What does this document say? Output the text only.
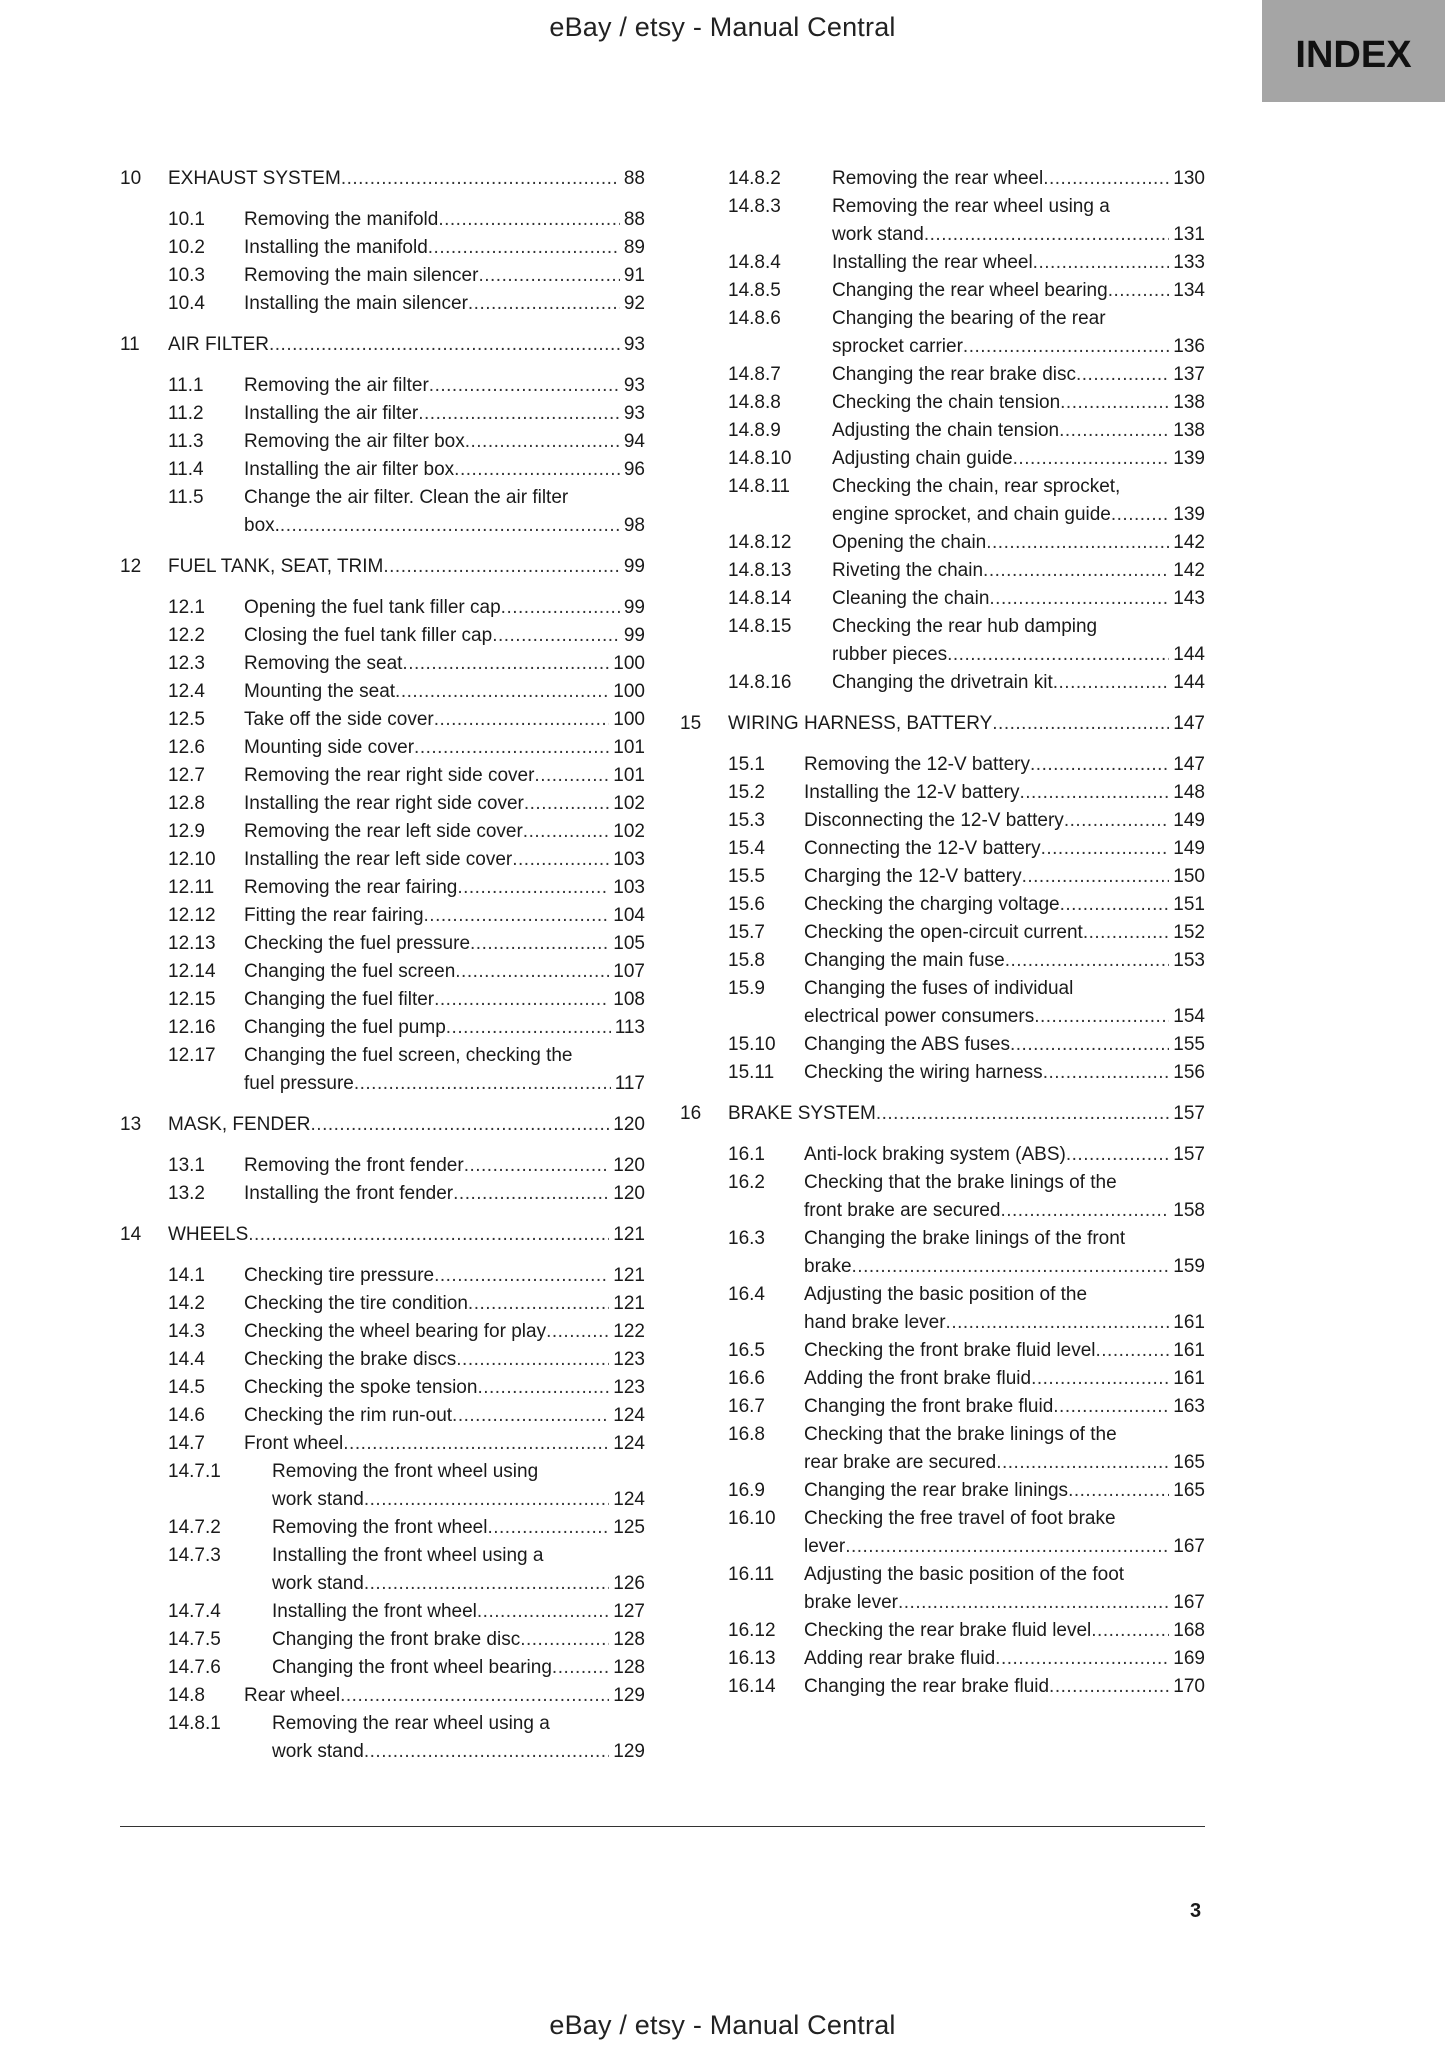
eBay / etsy - Manual Central
INDEX
10 EXHAUST SYSTEM .....	88
10.1 Removing the manifold .....	88
10.2 Installing the manifold .....	89
10.3 Removing the main silencer .....	91
10.4 Installing the main silencer .....	92
11 AIR FILTER .....	93
11.1 Removing the air filter .....	93
11.2 Installing the air filter .....	93
11.3 Removing the air filter box .....	94
11.4 Installing the air filter box .....	96
11.5 Change the air filter. Clean the air filter
box. .....	98
12 FUEL TANK, SEAT, TRIM .....	99
12.1 Opening the fuel tank filler cap .....	99
12.2 Closing the fuel tank filler cap .....	99
12.3 Removing the seat .....	100
12.4 Mounting the seat .....	100
12.5 Take off the side cover .....	100
12.6 Mounting side cover .....	101
12.7 Removing the rear right side cover .....	101
12.8 Installing the rear right side cover .....	102
12.9 Removing the rear left side cover .....	102
12.10 Installing the rear left side cover .....	103
12.11 Removing the rear fairing .....	103
12.12 Fitting the rear fairing .....	104
12.13 Checking the fuel pressure .....	105
12.14 Changing the fuel screen .....	107
12.15 Changing the fuel filter .....	108
12.16 Changing the fuel pump .....	113
12.17 Changing the fuel screen, checking the
fuel pressure .....	117
13 MASK, FENDER .....	120
13.1 Removing the front fender .....	120
13.2 Installing the front fender .....	120
14 WHEELS .....	121
14.1 Checking tire pressure .....	121
14.2 Checking the tire condition .....	121
14.3 Checking the wheel bearing for play .....	122
14.4 Checking the brake discs .....	123
14.5 Checking the spoke tension .....	123
14.6 Checking the rim run-out .....	124
14.7 Front wheel .....	124
14.7.1	Removing the front wheel using
work stand .....	124
14.7.2	Removing the front wheel .....	125
14.7.3	Installing the front wheel using a
work stand .....	126
14.7.4	Installing the front wheel .....	127
14.7.5	Changing the front brake disc .....	128
14.7.6	Changing the front wheel bearing .....	128
14.8 Rear wheel .....	129
14.8.1	Removing the rear wheel using a
work stand .....	129
14.8.2	Removing the rear wheel .....	130
14.8.3	Removing the rear wheel using a
work stand .....	131
14.8.4	Installing the rear wheel .....	133
14.8.5	Changing the rear wheel bearing .....	134
14.8.6	Changing the bearing of the rear
sprocket carrier .....	136
14.8.7	Changing the rear brake disc .....	137
14.8.8	Checking the chain tension .....	138
14.8.9	Adjusting the chain tension .....	138
14.8.10 Adjusting chain guide .....	139
14.8.11 Checking the chain, rear sprocket,
engine sprocket, and chain guide .....	139
14.8.12 Opening the chain .....	142
14.8.13 Riveting the chain .....	142
14.8.14 Cleaning the chain .....	143
14.8.15 Checking the rear hub damping
rubber pieces .....	144
14.8.16 Changing the drivetrain kit .....	144
15 WIRING HARNESS, BATTERY .....	147
15.1 Removing the 12-V battery .....	147
15.2 Installing the 12-V battery .....	148
15.3 Disconnecting the 12-V battery .....	149
15.4 Connecting the 12-V battery .....	149
15.5 Charging the 12-V battery .....	150
15.6 Checking the charging voltage .....	151
15.7 Checking the open-circuit current .....	152
15.8 Changing the main fuse .....	153
15.9 Changing the fuses of individual
electrical power consumers .....	154
15.10 Changing the ABS fuses .....	155
15.11 Checking the wiring harness .....	156
16 BRAKE SYSTEM .....	157
16.1 Anti-lock braking system (ABS) .....	157
16.2 Checking that the brake linings of the
front brake are secured .....	158
16.3 Changing the brake linings of the front
brake .....	159
16.4 Adjusting the basic position of the
hand brake lever .....	161
16.5 Checking the front brake fluid level .....	161
16.6 Adding the front brake fluid .....	161
16.7 Changing the front brake fluid .....	163
16.8 Checking that the brake linings of the
rear brake are secured .....	165
16.9 Changing the rear brake linings .....	165
16.10 Checking the free travel of foot brake
lever .....	167
16.11 Adjusting the basic position of the foot
brake lever .....	167
16.12 Checking the rear brake fluid level .....	168
16.13 Adding rear brake fluid .....	169
16.14 Changing the rear brake fluid .....	170
3
eBay / etsy - Manual Central
